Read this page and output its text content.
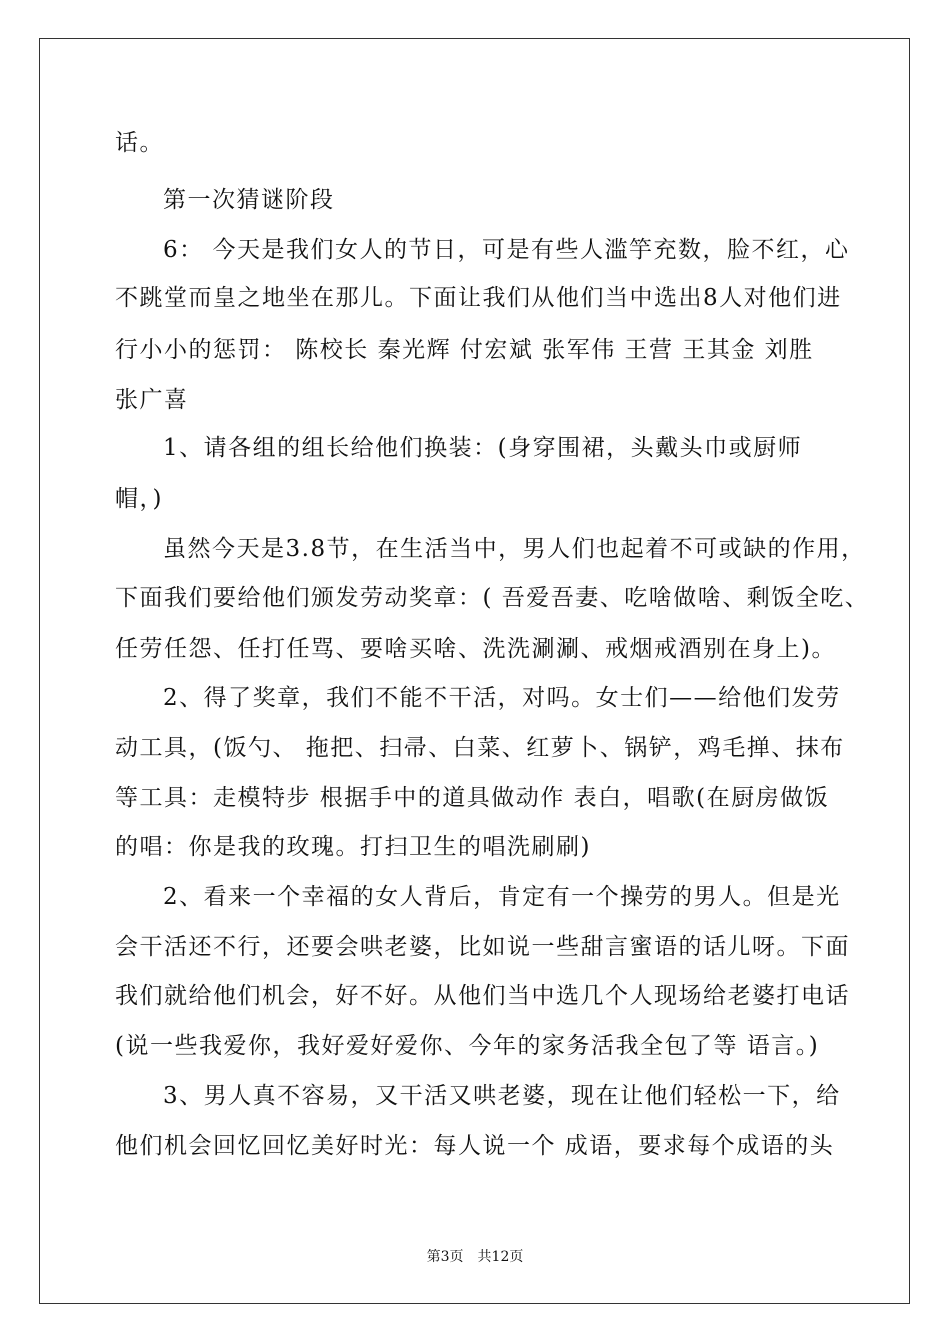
话。
第一次猜谜阶段
6： 今天是我们女人的节日，可是有些人滥竽充数，脸不红，心
不跳堂而皇之地坐在那儿。下面让我们从他们当中选出8人对他们进
行小小的惩罚： 陈校长 秦光辉 付宏斌 张军伟 王营 王其金 刘胜
张广喜
1、请各组的组长给他们换装：(身穿围裙，头戴头巾或厨师
帽，)
虽然今天是3.8节，在生活当中，男人们也起着不可或缺的作用，
下面我们要给他们颁发劳动奖章：( 吾爱吾妻、吃啥做啥、剩饭全吃、
任劳任怨、任打任骂、要啥买啥、洗洗涮涮、戒烟戒酒别在身上)。
2、得了奖章，我们不能不干活，对吗。女士们——给他们发劳
动工具，(饭勺、 拖把、扫帚、白菜、红萝卜、锅铲，鸡毛掸、抹布
等工具：走模特步 根据手中的道具做动作 表白，唱歌(在厨房做饭
的唱：你是我的玫瑰。打扫卫生的唱洗刷刷)
2、看来一个幸福的女人背后，肯定有一个操劳的男人。但是光
会干活还不行，还要会哄老婆，比如说一些甜言蜜语的话儿呀。下面
我们就给他们机会，好不好。从他们当中选几个人现场给老婆打电话
(说一些我爱你，我好爱好爱你、今年的家务活我全包了等 语言。)
3、男人真不容易，又干活又哄老婆，现在让他们轻松一下，给
他们机会回忆回忆美好时光：每人说一个 成语，要求每个成语的头
第3页 共12页
